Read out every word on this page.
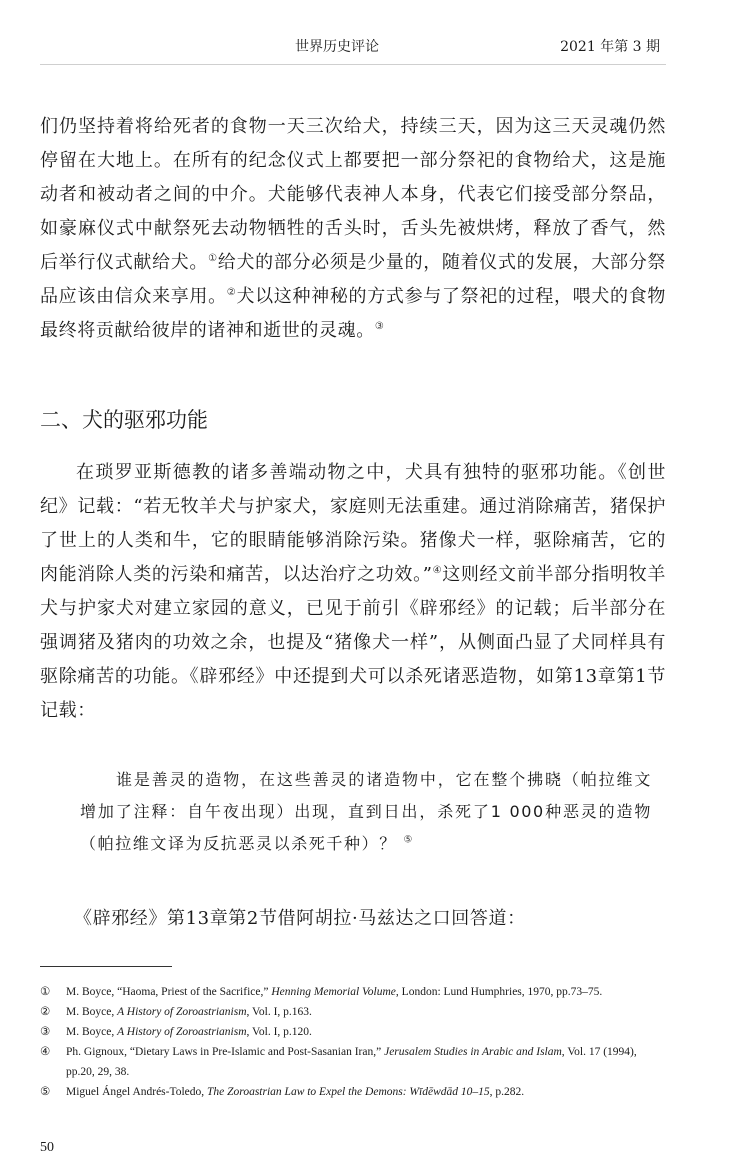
世界历史评论	2021 年第 3 期
们仍坚持着将给死者的食物一天三次给犬，持续三天，因为这三天灵魂仍然停留在大地上。在所有的纪念仪式上都要把一部分祭祀的食物给犬，这是施动者和被动者之间的中介。犬能够代表神人本身，代表它们接受部分祭品，如豪麻仪式中献祭死去动物牺牲的舌头时，舌头先被烘烤，释放了香气，然后举行仪式献给犬。①给犬的部分必须是少量的，随着仪式的发展，大部分祭品应该由信众来享用。②犬以这种神秘的方式参与了祭祀的过程，喂犬的食物最终将贡献给彼岸的诸神和逝世的灵魂。③
二、犬的驱邪功能
在琐罗亚斯德教的诸多善端动物之中，犬具有独特的驱邪功能。《创世纪》记载：“若无牧羊犬与护家犬，家庭则无法重建。通过消除痛苦，猪保护了世上的人类和牛，它的眼睛能够消除污染。猪像犬一样，驱除痛苦，它的肉能消除人类的污染和痛苦，以达治疗之功效。”④这则经文前半部分指明牧羊犬与护家犬对建立家园的意义，已见于前引《辟邪经》的记载；后半部分在强调猪及猪肉的功效之余，也提及“猪像犬一样”，从侧面凸显了犬同样具有驱除痛苦的功能。《辟邪经》中还提到犬可以杀死诸恶造物，如第13章第1节记载：
谁是善灵的造物，在这些善灵的诸造物中，它在整个拂晓（帕拉维文增加了注释：自午夜出现）出现，直到日出，杀死了1 000种恶灵的造物（帕拉维文译为反抗恶灵以杀死千种）？ ⑤
《辟邪经》第13章第2节借阿胡拉·马兹达之口回答道：
① M. Boyce, “Haoma, Priest of the Sacrifice,” Henning Memorial Volume, London: Lund Humphries, 1970, pp.73–75.
② M. Boyce, A History of Zoroastrianism, Vol. I, p.163.
③ M. Boyce, A History of Zoroastrianism, Vol. I, p.120.
④ Ph. Gignoux, “Dietary Laws in Pre-Islamic and Post-Sasanian Iran,” Jerusalem Studies in Arabic and Islam, Vol. 17 (1994), pp.20, 29, 38.
⑤ Miguel Ángel Andrés-Toledo, The Zoroastrian Law to Expel the Demons: Wīdēwdād 10–15, p.282.
50
